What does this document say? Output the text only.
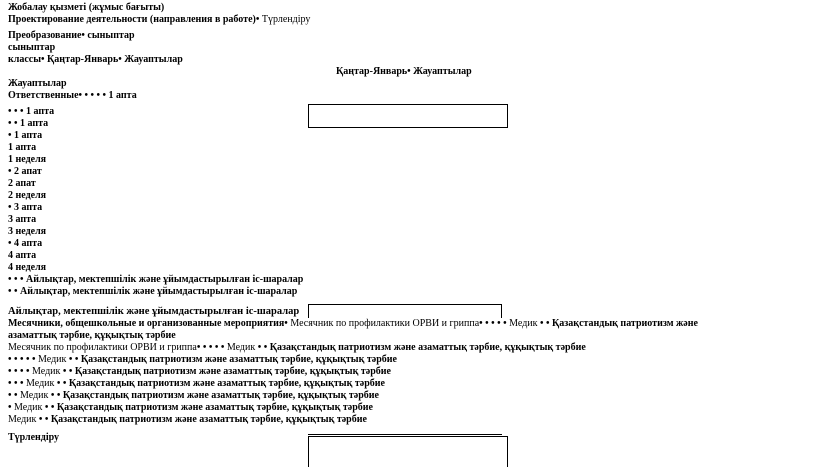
Жобалау қызметі (жұмыс бағыты)
Проектирование деятельности (направления в работе)• Түрлендіру
Преобразование• сыныптар
сыныптар
классы• Қаңтар-Январь• Жауаптылар
Қаңтар-Январь• Жауаптылар
Жауаптылар
Ответственные• • • • • 1 апта
• • • 1 апта
• • 1 апта
• 1 апта
1 апта
1 неделя
• 2 апат
2 апат
2 неделя
• 3 апта
3 апта
3 неделя
• 4 апта
4 апта
4 неделя
• • • Айлықтар, мектепшілік және ұйымдастырылған іс-шаралар
• • Айлықтар, мектепшілік және ұйымдастырылған іс-шаралар
Айлықтар, мектепшілік және ұйымдастырылған іс-шаралар
Месячники, общешкольные и организованные мероприятия• Месячник по профилактики ОРВИ и гриппа• • • • • Медик • • Қазақстандық патриотизм және
азаматтық тәрбие, құқықтық тәрбие
Месячник по профилактики ОРВИ и гриппа• • • • • Медик • • Қазақстандық патриотизм және азаматтық тәрбие, құқықтық тәрбие
• • • • • Медик • • Қазақстандық патриотизм және азаматтық тәрбие, құқықтық тәрбие
• • • • Медик • • Қазақстандық патриотизм және азаматтық тәрбие, құқықтық тәрбие
• • • Медик • • Қазақстандық патриотизм және азаматтық тәрбие, құқықтық тәрбие
• • Медик • • Қазақстандық патриотизм және азаматтық тәрбие, құқықтық тәрбие
• Медик • • Қазақстандық патриотизм және азаматтық тәрбие, құқықтық тәрбие
Медик • • Қазақстандық патриотизм және азаматтық тәрбие, құқықтық тәрбие
Түрлендіру
